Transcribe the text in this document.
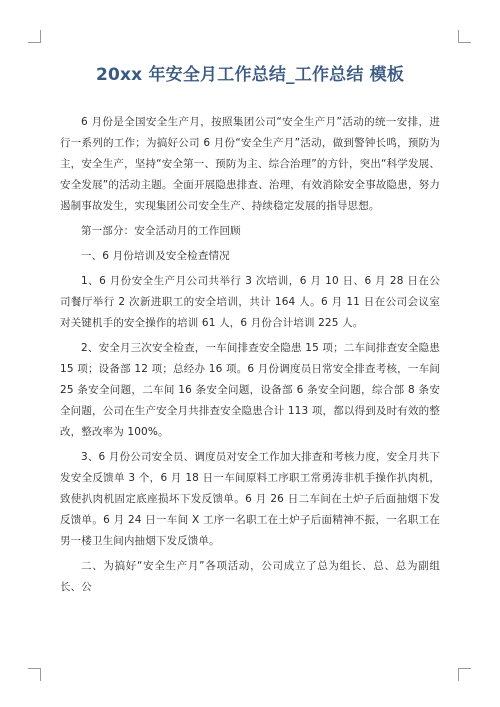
20xx 年安全月工作总结_工作总结 模板

6 月份是全国安全生产月，按照集团公司“安全生产月”活动的统一安排，进行一系列的工作；为搞好公司 6 月份“安全生产月”活动，做到警钟长鸣，预防为主，安全生产，坚持“安全第一、预防为主、综合治理”的方针，突出“科学发展、安全发展”的活动主题。全面开展隐患排查、治理，有效消除安全事故隐患，努力遏制事故发生，实现集团公司安全生产、持续稳定发展的指导思想。

第一部分：安全活动月的工作回顾

一、6 月份培训及安全检查情况

1、6 月份安全生产月公司共举行 3 次培训，6 月 10 日、6 月 28 日在公司餐厅举行 2 次新进职工的安全培训，共计 164 人。6 月 11 日在公司会议室对关键机手的安全操作的培训 61 人，6 月份合计培训 225 人。

2、安全月三次安全检查，一车间排查安全隐患 15 项；二车间排查安全隐患 15 项；设备部 12 项；总经办 16 项。6 月份调度员日常安全排查考核，一车间 25 条安全问题，二车间 16 条安全问题，设备部 6 条安全问题，综合部 8 条安全问题，公司在生产安全月共排查安全隐患合计 113 项，都以得到及时有效的整改，整改率为 100%。

3、6 月份公司安全员、调度员对安全工作加大排查和考核力度，安全月共下发安全反馈单 3 个，6 月 18 日一车间原料工序职工常勇涛非机手操作扒肉机，致使扒肉机固定底座损坏下发反馈单。6 月 26 日二车间在土炉子后面抽烟下发反馈单。6 月 24 日一车间 X 工序一名职工在土炉子后面精神不振，一名职工在男一楼卫生间内抽烟下发反馈单。

二、为搞好“安全生产月”各项活动，公司成立了总为组长、总、总为副组长、公
